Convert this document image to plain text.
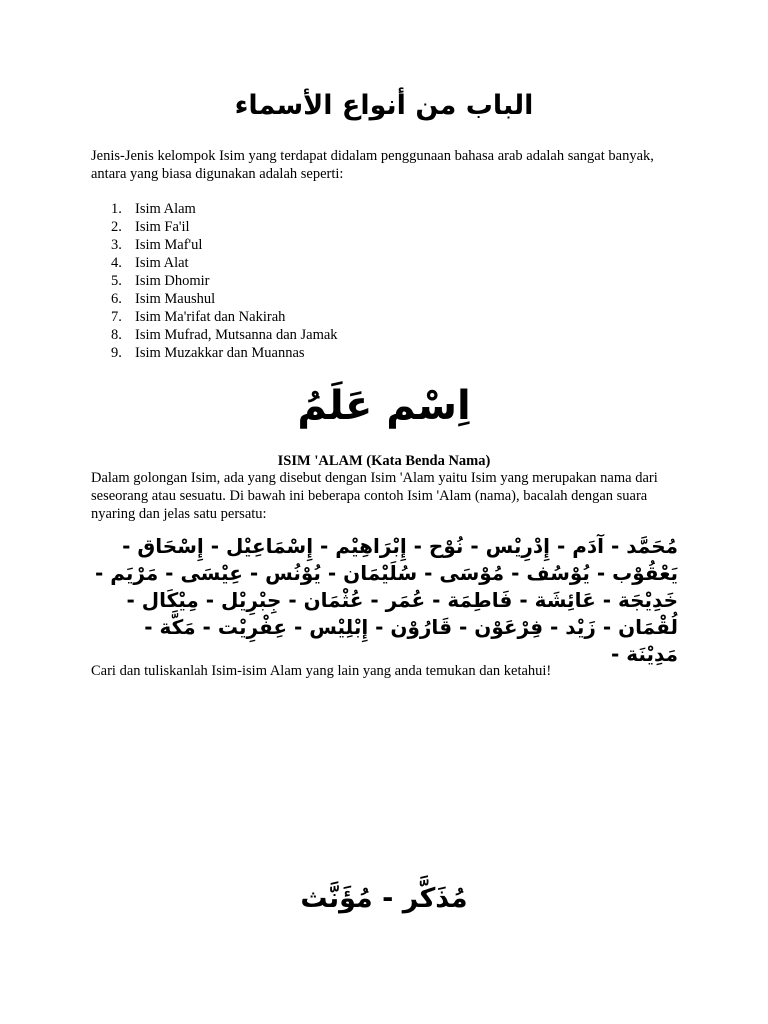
الباب من أنواع الأسماء

Jenis-Jenis kelompok Isim yang terdapat didalam penggunaan bahasa arab adalah sangat banyak, antara yang biasa digunakan adalah seperti:

1. Isim Alam
2. Isim Fa'il
3. Isim Maf'ul
4. Isim Alat
5. Isim Dhomir
6. Isim Maushul
7. Isim Ma'rifat dan Nakirah
8. Isim Mufrad, Mutsanna dan Jamak
9. Isim Muzakkar dan Muannas
اِسْم عَلَمُ
ISIM 'ALAM (Kata Benda Nama)

Dalam golongan Isim, ada yang disebut dengan Isim 'Alam yaitu Isim yang merupakan nama dari seseorang atau sesuatu. Di bawah ini beberapa contoh Isim 'Alam (nama), bacalah dengan suara nyaring dan jelas satu persatu:

مُحَمَّد - آدَم - إِدْرِيْس - نُوْح - إِبْرَاهِيْم - إِسْمَاعِيْل - إِسْحَاق - يَعْقُوْب - يُوْسُف - مُوْسَى - سُلَيْمَان - يُوْنُس - عِيْسَى - مَرْيَم - خَدِيْجَة - عَائِشَة - فَاطِمَة - عُمَر - عُثْمَان - جِبْرِيْل - مِيْكَال - لُقْمَان - زَيْد - فِرْعَوْن - قَارُوْن - إِبْلِيْس - عِفْرِيْت - مَكَّة - مَدِيْنَة -

Cari dan tuliskanlah Isim-isim Alam yang lain yang anda temukan dan ketahui!

مُذَكَّر - مُؤَنَّث
